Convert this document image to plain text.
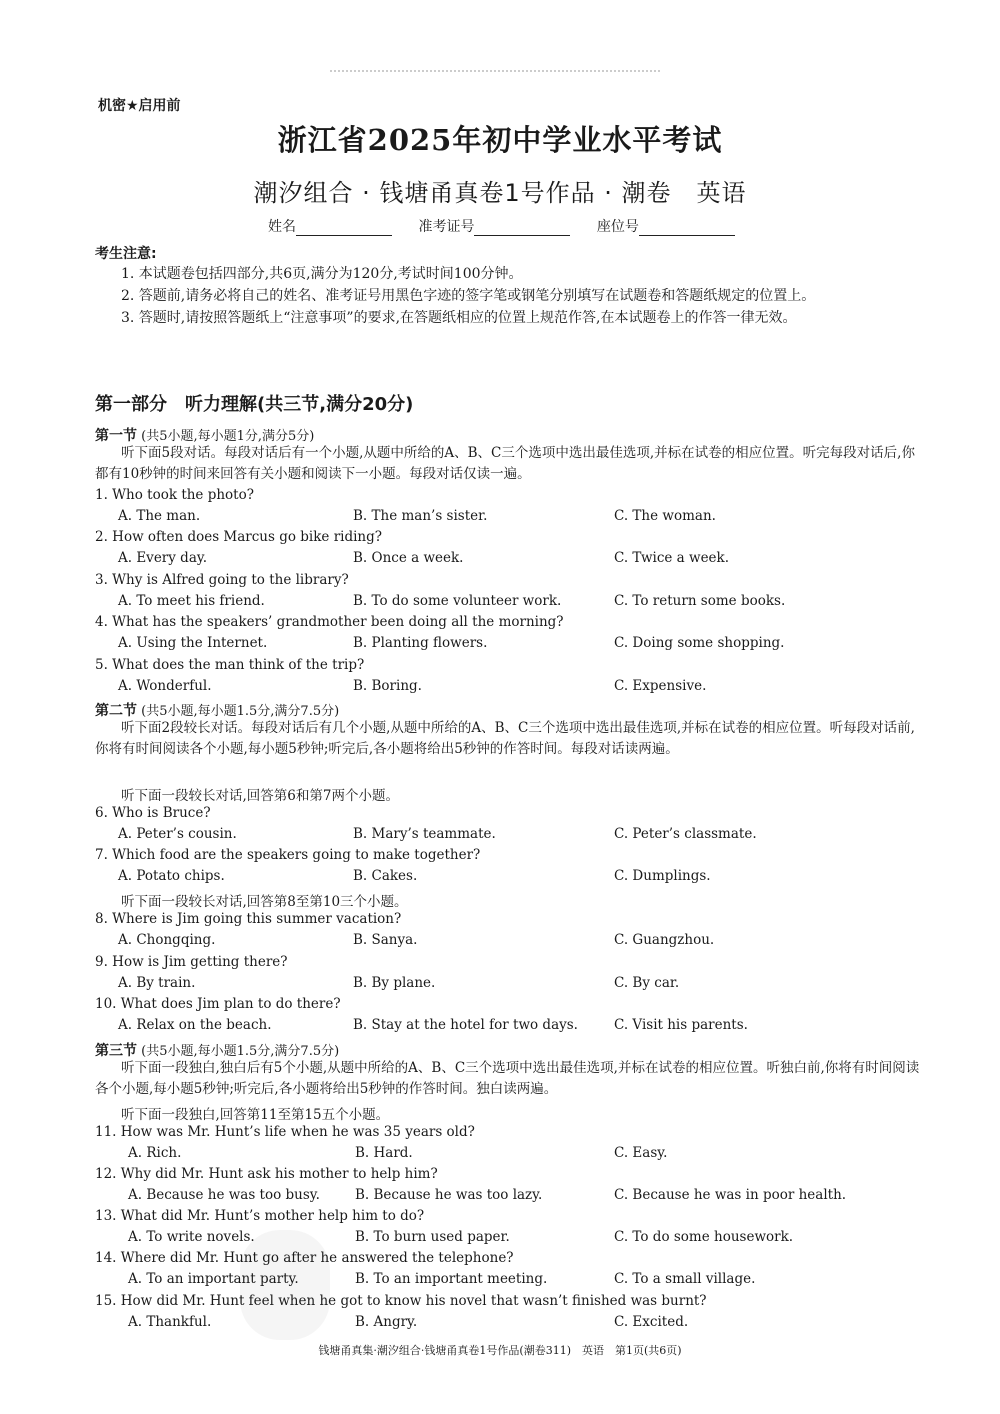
机密★启用前
浙江省2025年初中学业水平考试
潮汐组合 · 钱塘甬真卷1号作品 · 潮卷　英语
姓名	准考证号	座位号
考生注意:

1. 本试题卷包括四部分,共6页,满分为120分,考试时间100分钟。

2. 答题前,请务必将自己的姓名、准考证号用黑色字迹的签字笔或钢笔分别填写在试题卷和答题纸规定的位置上。

3. 答题时,请按照答题纸上“注意事项”的要求,在答题纸相应的位置上规范作答,在本试题卷上的作答一律无效。

第一部分　听力理解(共三节,满分20分)
第一节 (共5小题,每小题1分,满分5分)
听下面5段对话。每段对话后有一个小题,从题中所给的A、B、C三个选项中选出最佳选项,并标在试卷的相应位置。听完每段对话后,你都有10秒钟的时间来回答有关小题和阅读下一小题。每段对话仅读一遍。
1. Who took the photo?
A. The man.	B. The man’s sister.	C. The woman.
2. How often does Marcus go bike riding?
A. Every day.	B. Once a week.	C. Twice a week.
3. Why is Alfred going to the library?
A. To meet his friend.	B. To do some volunteer work.	C. To return some books.
4. What has the speakers’ grandmother been doing all the morning?
A. Using the Internet.	B. Planting flowers.	C. Doing some shopping.
5. What does the man think of the trip?
A. Wonderful.	B. Boring.	C. Expensive.
6. Who is Bruce?
A. Peter’s cousin.	B. Mary’s teammate.	C. Peter’s classmate.
7. Which food are the speakers going to make together?
A. Potato chips.	B. Cakes.	C. Dumplings.
8. Where is Jim going this summer vacation?
A. Chongqing.	B. Sanya.	C. Guangzhou.
9. How is Jim getting there?
A. By train.	B. By plane.	C. By car.
10. What does Jim plan to do there?
A. Relax on the beach.	B. Stay at the hotel for two days.	C. Visit his parents.
11. How was Mr. Hunt’s life when he was 35 years old?
A. Rich.	B. Hard.	C. Easy.
12. Why did Mr. Hunt ask his mother to help him?
A. Because he was too busy.	B. Because he was too lazy.	C. Because he was in poor health.
13. What did Mr. Hunt’s mother help him to do?
A. To write novels.	B. To burn used paper.	C. To do some housework.
14. Where did Mr. Hunt go after he answered the telephone?
A. To an important party.	B. To an important meeting.	C. To a small village.
15. How did Mr. Hunt feel when he got to know his novel that wasn’t finished was burnt?
A. Thankful.	B. Angry.	C. Excited.
第二节 (共5小题,每小题1.5分,满分7.5分)
听下面2段较长对话。每段对话后有几个小题,从题中所给的A、B、C三个选项中选出最佳选项,并标在试卷的相应位置。听每段对话前,你将有时间阅读各个小题,每小题5秒钟;听完后,各小题将给出5秒钟的作答时间。每段对话读两遍。
听下面一段较长对话,回答第6和第7两个小题。
听下面一段较长对话,回答第8至第10三个小题。
第三节 (共5小题,每小题1.5分,满分7.5分)
听下面一段独白,独白后有5个小题,从题中所给的A、B、C三个选项中选出最佳选项,并标在试卷的相应位置。听独白前,你将有时间阅读各个小题,每小题5秒钟;听完后,各小题将给出5秒钟的作答时间。独白读两遍。
听下面一段独白,回答第11至第15五个小题。
钱塘甬真集·潮汐组合·钱塘甬真卷1号作品(潮卷311)　英语　第1页(共6页)
